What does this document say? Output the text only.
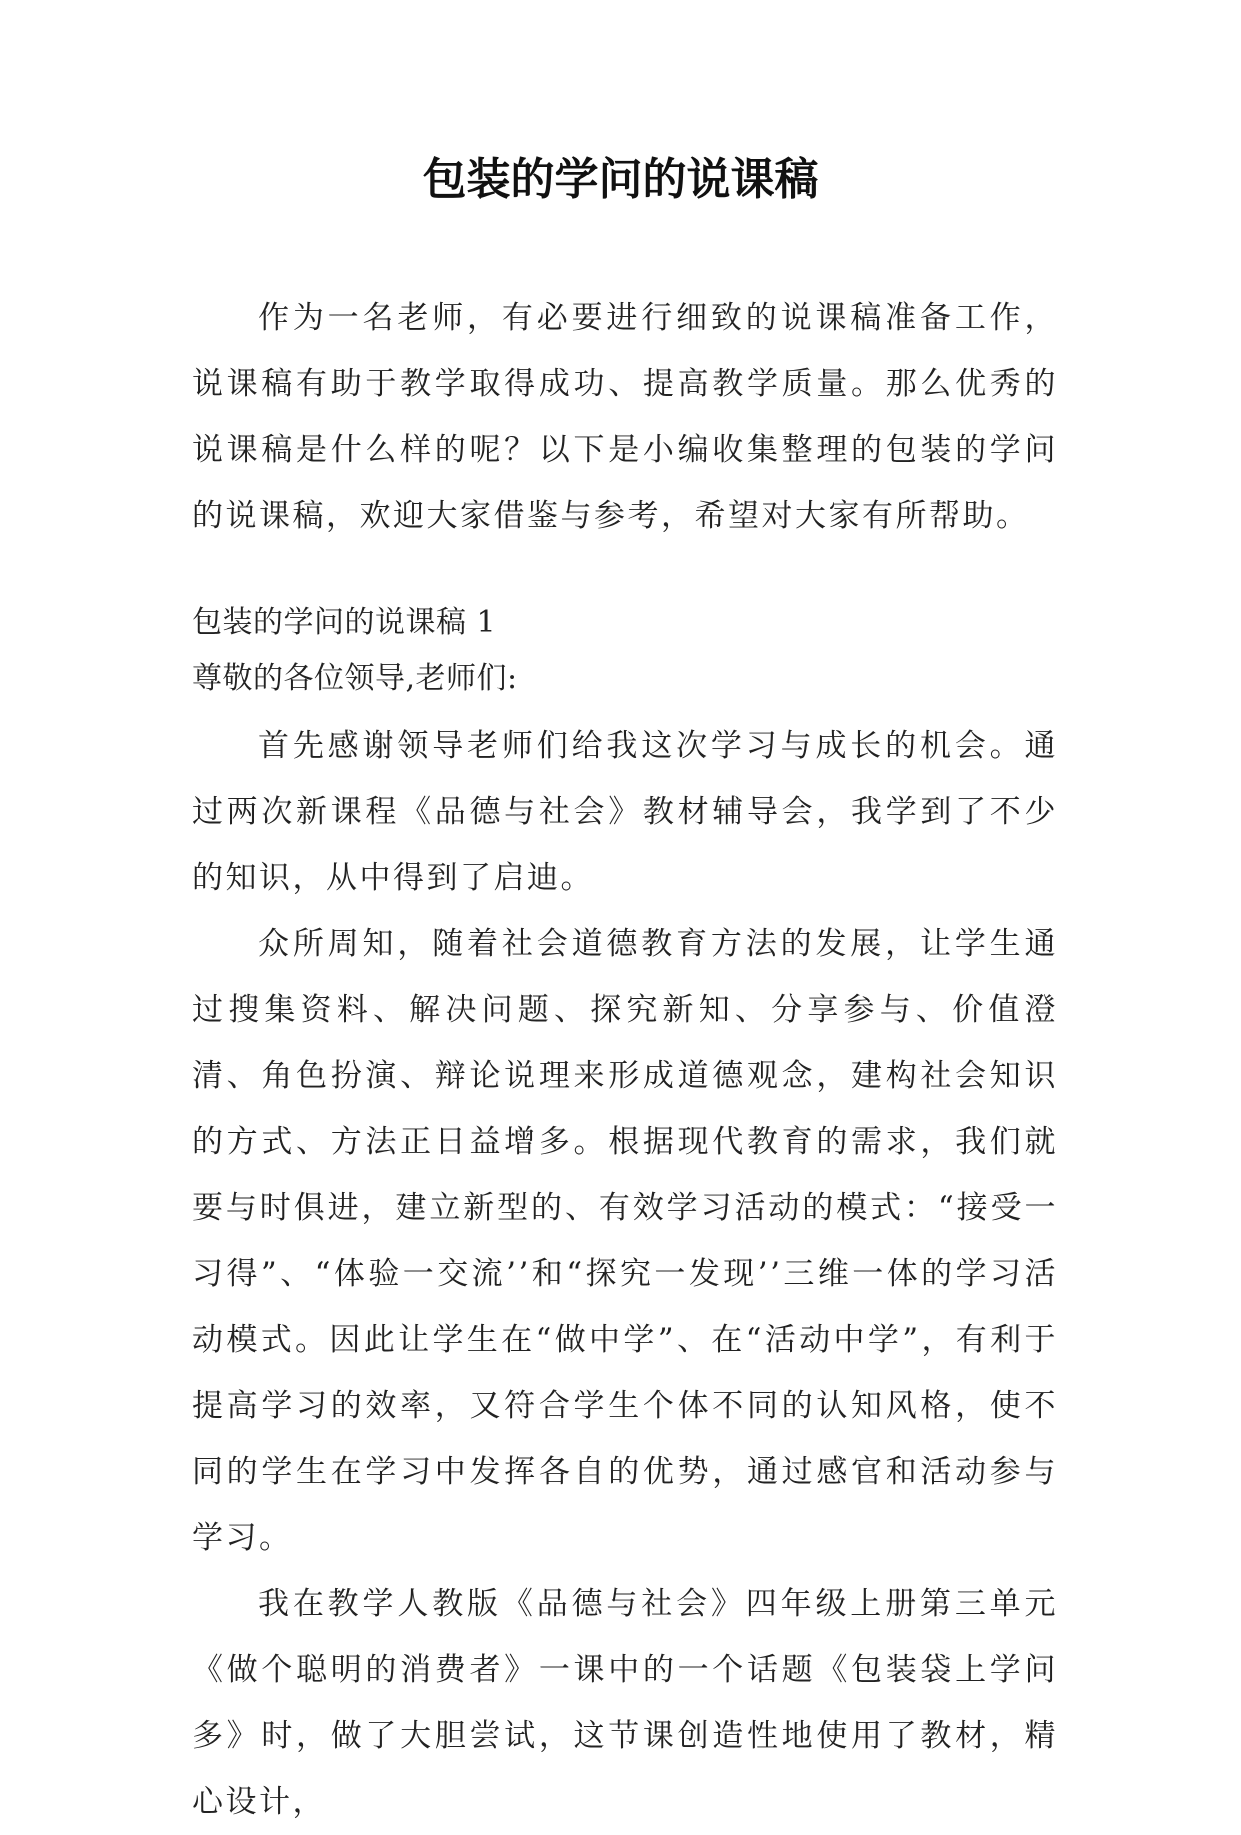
包装的学问的说课稿

作为一名老师，有必要进行细致的说课稿准备工作，说课稿有助于教学取得成功、提高教学质量。那么优秀的说课稿是什么样的呢？以下是小编收集整理的包装的学问的说课稿，欢迎大家借鉴与参考，希望对大家有所帮助。

包装的学问的说课稿 1

尊敬的各位领导,老师们:

首先感谢领导老师们给我这次学习与成长的机会。通过两次新课程《品德与社会》教材辅导会，我学到了不少的知识，从中得到了启迪。

众所周知，随着社会道德教育方法的发展，让学生通过搜集资料、解决问题、探究新知、分享参与、价值澄清、角色扮演、辩论说理来形成道德观念，建构社会知识的方式、方法正日益增多。根据现代教育的需求，我们就要与时俱进，建立新型的、有效学习活动的模式：“接受一习得”、“体验一交流’’和“探究一发现’’三维一体的学习活动模式。因此让学生在“做中学”、在“活动中学”，有利于提高学习的效率，又符合学生个体不同的认知风格，使不同的学生在学习中发挥各自的优势，通过感官和活动参与学习。

我在教学人教版《品德与社会》四年级上册第三单元《做个聪明的消费者》一课中的一个话题《包装袋上学问多》时，做了大胆尝试，这节课创造性地使用了教材，精心设计，
